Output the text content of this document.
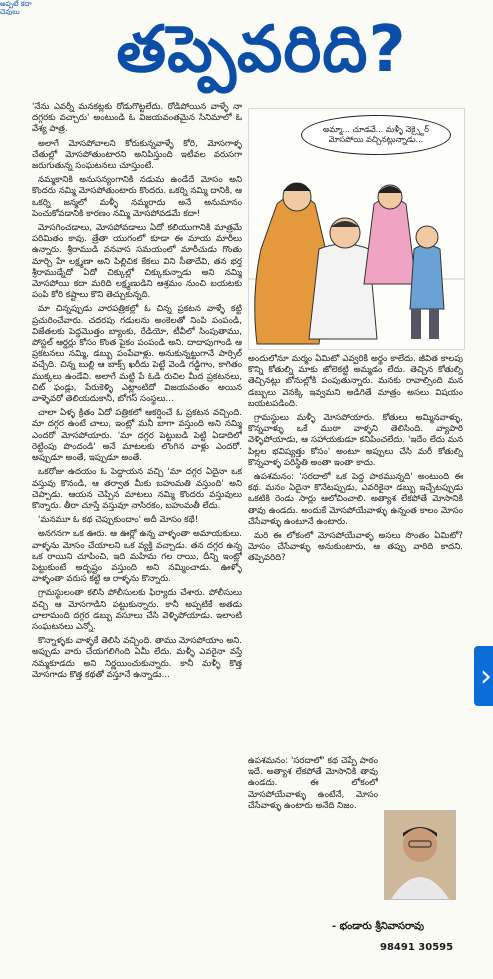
అప్పటే కదా చెవులు
తప్పెవరిది?

'నేను ఎవర్నీ మనకట్లకు రోడుగొట్టలేదు. రోడిపోయిన వాళ్ళే నా దగ్గరకు వచ్చారు' అంటుండి ఓ విజయవంతమైన సినిమాలో ఓ వేశ్య పాత్ర.

అలాగే మోసపోవాలని కోరుకున్నవాళ్ళే కోరి, మోసగాళ్ళ చేతుల్లో మోసపోతుంటారని అనిపిస్తుంది ఇటీవల వరుసగా జరుగుతున్న సంఘటనలు చూస్తుంటే.

నమ్మకానికి అనుసన్యంగానికి నడుమ ఉండేదే మోసం అని కొందరు నమ్మి మోసపోతుంటారు కొందరు. ఒకర్ని నమ్మి దానికి, ఆ ఒకర్ని జన్మలో మళ్ళీ నమ్మరాదు అనే అనుమానం పెంచుకోవడానికి కారణం నమ్మి మోసపోవడమే కదా!

మోసగించడాలు, మోసపోవడాలు ఏదో కలియుగానికి మాత్రమే పరిమితం కావు. త్రేతా యుగంలో కూడా ఈ మాయ మారీలు ఉన్నారు. శ్రీరాముడి వనవాస సమయంలో మారీచుడు గొంతు మార్చి హే లక్ష్మణా అని పిల్లిచిక కేకలు విని సీతాదేవి, తన భర్త శ్రీరాముడ్నేదో ఏదో చిక్కుల్లో చిక్కుకున్నాడు అని నమ్మి మోసపోయి కదా మరిది లక్ష్మణుడిని ఆశ్రమం నుంచి బయటకు పంపి కోరి కష్టాలు కొని తెచ్చుకున్నది.

మా చిన్నప్పుడు వారపత్రికల్లో ఓ చిన్న ప్రకటన వాళ్ళే కట్టి ప్రచురించేవారు. చదరపు గడులను అంకెలతో నింపి పంపండి, విజేతలకు పెద్దమొత్తం బ్యాంకు, రేడియో, టీవీలో సింపుతాము, పోస్టల్ ఆర్డర్లు కోసం కొంత పైకం పంపండి అని. దాదాపుగాండి ఆ ప్రకటనలు నమ్మి, డబ్బు పంపేవాళ్లు. అనుకున్నట్టుగానే పార్సిల్ వచ్చేది. చిన్న బుల్లి ఆ బాక్స్ ఖరీదు పెట్టే వెండి గడ్డిగాం, కాగితం ముక్కలు ఉండేవి. అలాగే మట్టి పే ఓడి రుచిల మీద ప్రకటనలు, చిట్ ఫండ్లు, పేరుకెళ్ళి ఎట్లాంటిదో విజయవంతం అయిన వాళ్ళెవరో తెలియదుకానీ, బోగస్ సంస్థలు...

చాలా ఏళ్ళ క్రితం ఏదో పత్రికలో ఆకర్షించే ఓ ప్రకటన వచ్చింది. మా దగ్గర ఉంటే చాలు, ఇంట్లో మనీ బాగా వస్తుంది అని నమ్మి ఎందరో మోసపోయారు. 'మా దగ్గర పెట్టుబడి పెట్టి ఏడాదిలో రెట్టింపు పొందండి' అనే మాటలకు లొంగిన వాళ్లు ఎందరో. అప్పుడూ అంతే, ఇప్పుడూ అంతే.

ఒకరోజు ఉదయం ఓ పెద్దాయన వచ్చి 'మా దగ్గర ఏదైనా ఒక వస్తువు కొనండి, ఆ తర్వాత మీకు బహుమతి వస్తుంది' అని చెప్పాడు. ఆయన చెప్పిన మాటలు నమ్మి కొందరు వస్తువులు కొన్నారు. తీరా చూస్తే వస్తువూ నాసిరకం, బహుమతీ లేదు.

'మనమూ ఓ కథ చెప్పుకుందాం' అదీ మోసం కథే!

అనగనగా ఒక ఊరు. ఆ ఊర్లో ఉన్న వాళ్ళంతా అమాయకులు. వాళ్ళను మోసం చేయాలని ఒక వ్యక్తి వచ్చాడు. తన దగ్గర ఉన్న ఒక రాయిని చూపించి, ఇది మహిమ గల రాయి, దీన్ని ఇంట్లో పెట్టుకుంటే అదృష్టం వస్తుంది అని నమ్మించాడు. ఊళ్ళో వాళ్ళంతా వరుస కట్టి ఆ రాళ్ళను కొన్నారు.

గ్రామస్థులంతా కలిసి పోలీసులకు ఫిర్యాదు చేశారు. పోలీసులు వచ్చి ఆ మోసగాడిని పట్టుకున్నారు. కానీ అప్పటికే అతడు చాలామంది దగ్గర డబ్బు వసూలు చేసి వెళ్ళిపోయాడు. ఇలాంటి సంఘటనలు ఎన్నో.

కొన్నాళ్ళకు వాళ్ళకే తెలిసి వచ్చింది. తాము మోసపోయాం అని. అప్పుడు వారు చేయగలిగింది ఏమీ లేదు. మళ్ళీ ఎవరైనా వస్తే నమ్మకూడదు అని నిర్ణయించుకున్నారు. కానీ మళ్ళీ కొత్త మోసగాడు కొత్త కథతో వస్తూనే ఉన్నాడు...

అమ్మా... చూడవే... మళ్ళీ నెక్స్టైర్ మోసపోయి వచ్చినట్లున్నాడు...

అందులోనూ మర్మం ఏమిటో ఎవ్వరికీ అర్థం కాలేదు. జీవిత కాలపు కొన్ని కోతుల్ని మాకు జోలెకట్టి అమ్మడం లేదు. తెచ్చిన కోతుల్ని తెచ్చినట్లు బోనుల్లోకి పంపుతున్నారు. మనకు రావాల్సింది మన డబ్బులు వెనక్కి ఇవ్వమని అడిగితే మాత్రం అసలు విషయం బయటపడింది.

గ్రామస్థులు మళ్ళీ మోసపోయారు. కోతులు అమ్మినవాళ్ళు, కొన్నవాళ్ళు ఒకే ముఠా వాళ్ళని తెలిసింది. వ్యాపారి వెళ్ళిపోయాడు, ఆ సహాయకుడూ కనిపించలేదు. 'ఇదేం లేదు మన పిల్లల భవిష్యత్తు కోసం' అంటూ అప్పులు చేసి మరీ కోతుల్ని కొన్నవాళ్ళ పరిస్థితి అంతా ఇంతా కాదు.

ఉపశమనం: 'సరదాలో ఒక పెద్ద పాఠమున్నది' అంటుంది ఈ కథ. మనం ఏదైనా కొనేటప్పుడు, ఎవరికైనా డబ్బు ఇచ్చేటప్పుడు ఒకటికి రెండు సార్లు ఆలోచించాలి. అత్యాశ లేకపోతే మోసానికి తావు ఉండదు. అందుకే మోసపోయేవాళ్ళు ఉన్నంత కాలం మోసం చేసేవాళ్ళు ఉంటూనే ఉంటారు.

మరి ఈ లోకంలో మోసపోయేవాళ్ళ అసలు సొంతం ఏమిటో? మోసం చేసేవాళ్ళు అనుకుంటారు, ఆ తప్పు వారిది కాదని. తప్పెవరిది?

ఉపశమనం: 'సరదాలో' కథ చెప్పే పాఠం ఇదే. అత్యాశ లేకపోతే మోసానికి తావు ఉండదు. ఈ లోకంలో మోసపోయేవాళ్ళు ఉంటేనే, మోసం చేసేవాళ్ళు ఉంటారు అనేది నిజం.

- భండారు శ్రీనివాసరావు
98491 30595
›
